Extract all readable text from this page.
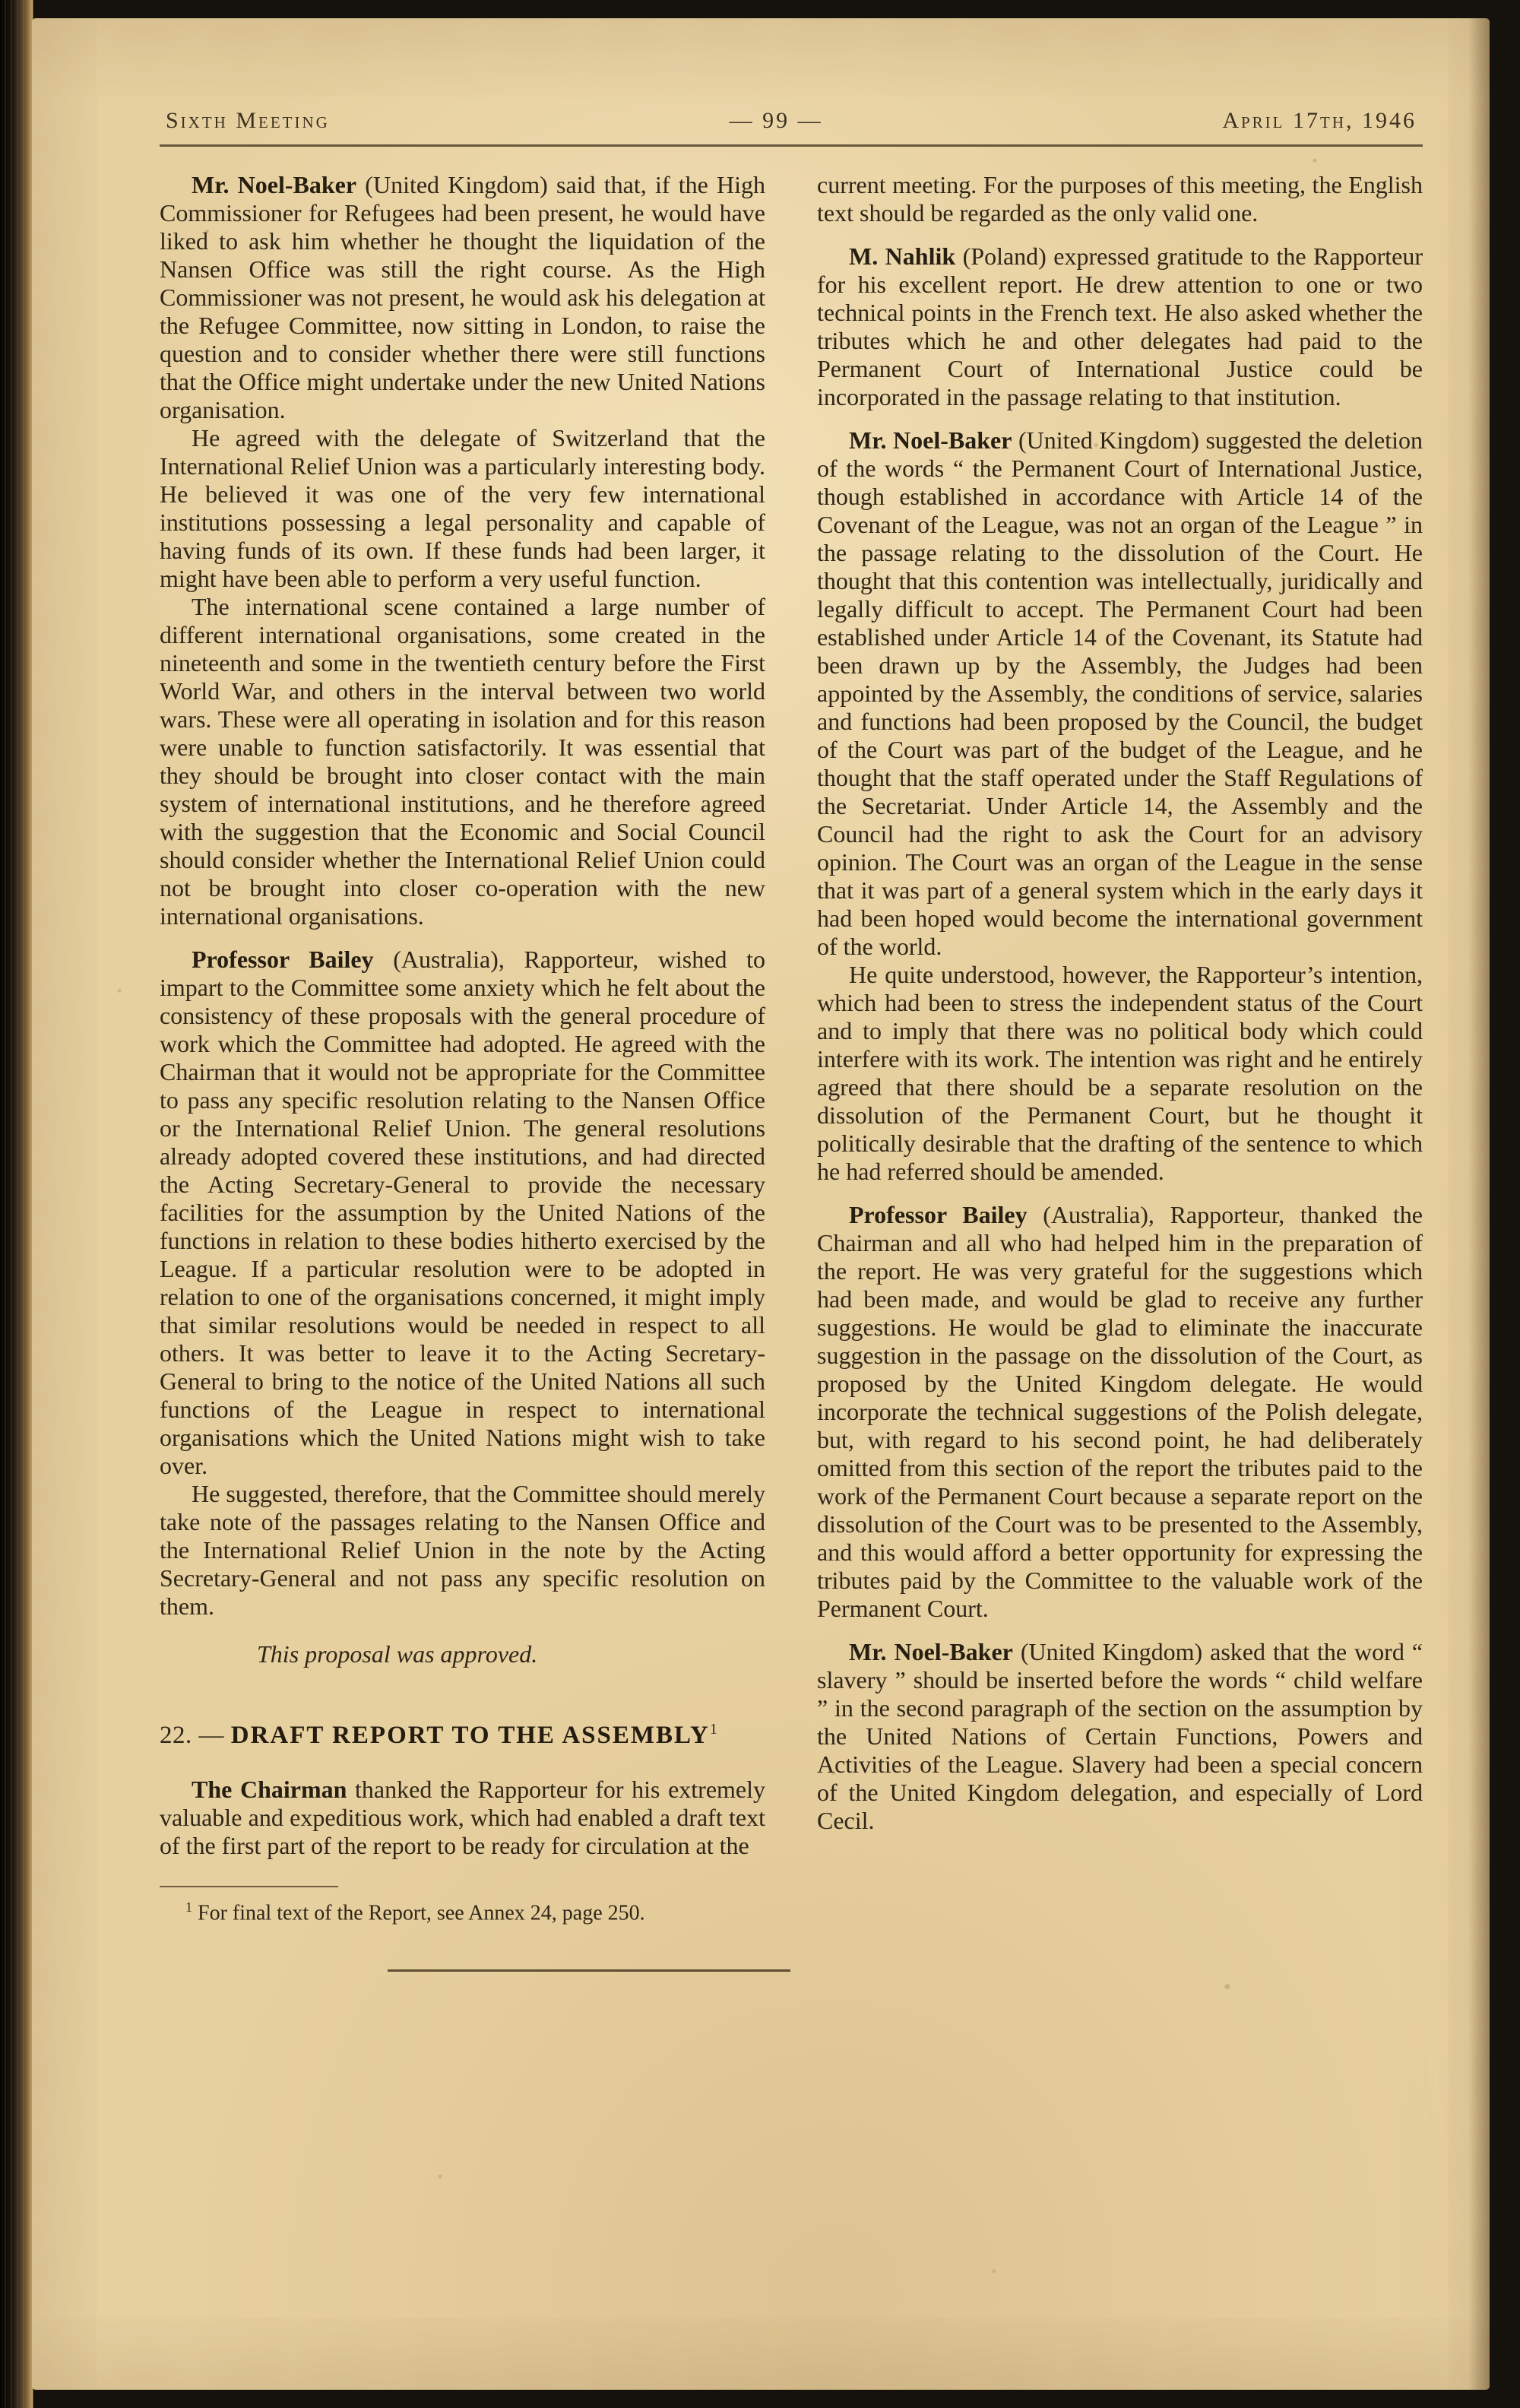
Sixth Meeting	— 99 —	April 17th, 1946

Mr. Noel-Baker (United Kingdom) said that, if the High Commissioner for Refugees had been present, he would have liked to ask him whether he thought the liquidation of the Nansen Office was still the right course. As the High Commissioner was not present, he would ask his delegation at the Refugee Committee, now sitting in London, to raise the question and to consider whether there were still functions that the Office might undertake under the new United Nations organisation.

He agreed with the delegate of Switzerland that the International Relief Union was a particularly interesting body. He believed it was one of the very few international institutions possessing a legal personality and capable of having funds of its own. If these funds had been larger, it might have been able to perform a very useful function.

The international scene contained a large number of different international organisations, some created in the nineteenth and some in the twentieth century before the First World War, and others in the interval between two world wars. These were all operating in isolation and for this reason were unable to function satisfactorily. It was essential that they should be brought into closer contact with the main system of international institutions, and he therefore agreed with the suggestion that the Economic and Social Council should consider whether the International Relief Union could not be brought into closer co-operation with the new international organisations.

Professor Bailey (Australia), Rapporteur, wished to impart to the Committee some anxiety which he felt about the consistency of these proposals with the general procedure of work which the Committee had adopted. He agreed with the Chairman that it would not be appropriate for the Committee to pass any specific resolution relating to the Nansen Office or the International Relief Union. The general resolutions already adopted covered these institutions, and had directed the Acting Secretary-General to provide the necessary facilities for the assumption by the United Nations of the functions in relation to these bodies hitherto exercised by the League. If a particular resolution were to be adopted in relation to one of the organisations concerned, it might imply that similar resolutions would be needed in respect to all others. It was better to leave it to the Acting Secretary-General to bring to the notice of the United Nations all such functions of the League in respect to international organisations which the United Nations might wish to take over.

He suggested, therefore, that the Committee should merely take note of the passages relating to the Nansen Office and the International Relief Union in the note by the Acting Secretary-General and not pass any specific resolution on them.

This proposal was approved.

22. — DRAFT REPORT TO THE ASSEMBLY$^1$

The Chairman thanked the Rapporteur for his extremely valuable and expeditious work, which had enabled a draft text of the first part of the report to be ready for circulation at the

$^1$ For final text of the Report, see Annex 24, page 250.

current meeting. For the purposes of this meeting, the English text should be regarded as the only valid one.

M. Nahlik (Poland) expressed gratitude to the Rapporteur for his excellent report. He drew attention to one or two technical points in the French text. He also asked whether the tributes which he and other delegates had paid to the Permanent Court of International Justice could be incorporated in the passage relating to that institution.

Mr. Noel-Baker (United Kingdom) suggested the deletion of the words “ the Permanent Court of International Justice, though established in accordance with Article 14 of the Covenant of the League, was not an organ of the League ” in the passage relating to the dissolution of the Court. He thought that this contention was intellectually, juridically and legally difficult to accept. The Permanent Court had been established under Article 14 of the Covenant, its Statute had been drawn up by the Assembly, the Judges had been appointed by the Assembly, the conditions of service, salaries and functions had been proposed by the Council, the budget of the Court was part of the budget of the League, and he thought that the staff operated under the Staff Regulations of the Secretariat. Under Article 14, the Assembly and the Council had the right to ask the Court for an advisory opinion. The Court was an organ of the League in the sense that it was part of a general system which in the early days it had been hoped would become the international government of the world.

He quite understood, however, the Rapporteur’s intention, which had been to stress the independent status of the Court and to imply that there was no political body which could interfere with its work. The intention was right and he entirely agreed that there should be a separate resolution on the dissolution of the Permanent Court, but he thought it politically desirable that the drafting of the sentence to which he had referred should be amended.

Professor Bailey (Australia), Rapporteur, thanked the Chairman and all who had helped him in the preparation of the report. He was very grateful for the suggestions which had been made, and would be glad to receive any further suggestions. He would be glad to eliminate the inaccurate suggestion in the passage on the dissolution of the Court, as proposed by the United Kingdom delegate. He would incorporate the technical suggestions of the Polish delegate, but, with regard to his second point, he had deliberately omitted from this section of the report the tributes paid to the work of the Permanent Court because a separate report on the dissolution of the Court was to be presented to the Assembly, and this would afford a better opportunity for expressing the tributes paid by the Committee to the valuable work of the Permanent Court.

Mr. Noel-Baker (United Kingdom) asked that the word “ slavery ” should be inserted before the words “ child welfare ” in the second paragraph of the section on the assumption by the United Nations of Certain Functions, Powers and Activities of the League. Slavery had been a special concern of the United Kingdom delegation, and especially of Lord Cecil.
